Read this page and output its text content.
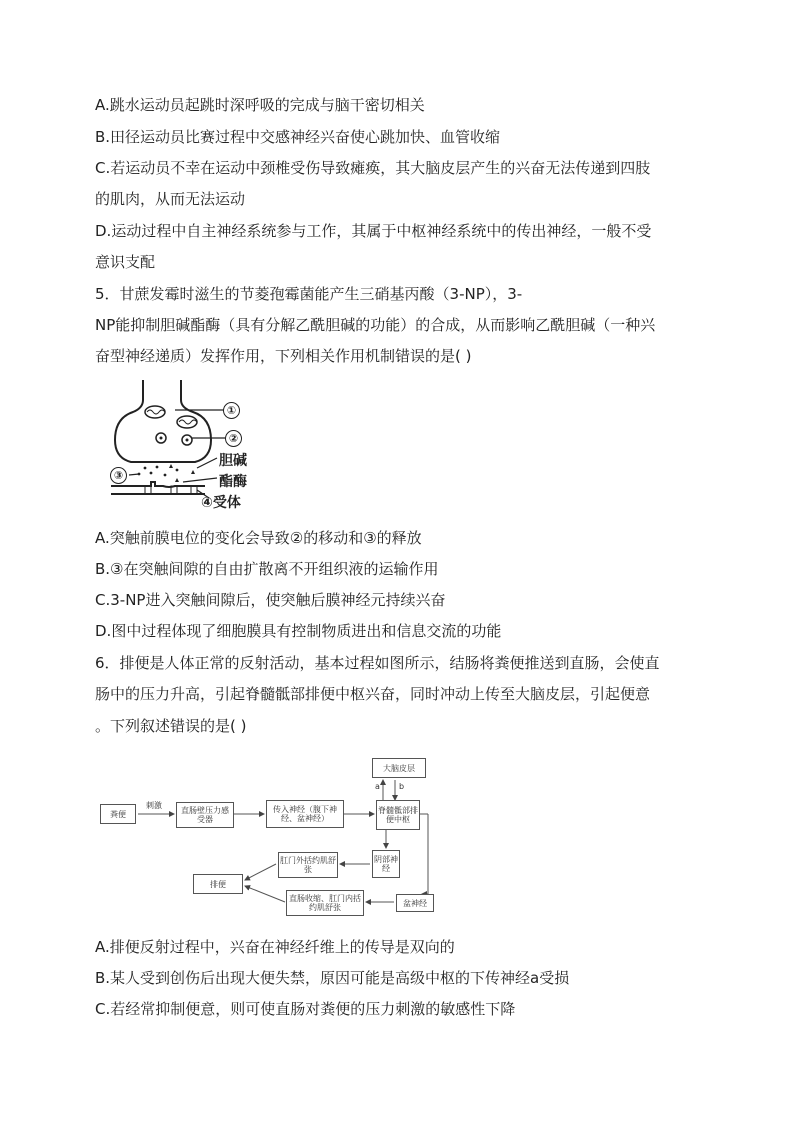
A.跳水运动员起跳时深呼吸的完成与脑干密切相关
B.田径运动员比赛过程中交感神经兴奋使心跳加快、血管收缩
C.若运动员不幸在运动中颈椎受伤导致瘫痪，其大脑皮层产生的兴奋无法传递到四肢
的肌肉，从而无法运动
D.运动过程中自主神经系统参与工作，其属于中枢神经系统中的传出神经，一般不受
意识支配
5．甘蔗发霉时滋生的节菱孢霉菌能产生三硝基丙酸（3-NP），3-
NP能抑制胆碱酯酶（具有分解乙酰胆碱的功能）的合成，从而影响乙酰胆碱（一种兴
奋型神经递质）发挥作用，下列相关作用机制错误的是( )
①
②
胆碱
③	酯酶
④受体
A.突触前膜电位的变化会导致②的移动和③的释放
B.③在突触间隙的自由扩散离不开组织液的运输作用
C.3-NP进入突触间隙后，使突触后膜神经元持续兴奋
D.图中过程体现了细胞膜具有控制物质进出和信息交流的功能
6．排便是人体正常的反射活动，基本过程如图所示，结肠将粪便推送到直肠，会使直
肠中的压力升高，引起脊髓骶部排便中枢兴奋，同时冲动上传至大脑皮层，引起便意
。下列叙述错误的是( )
粪便
刺激
直肠壁压力感受器
传入神经（腹下神经、盆神经）
脊髓骶部排便中枢
大脑皮层
a b
阴部神经
肛门外括约肌舒张
排便
直肠收缩、肛门内括约肌舒张	盆神经
A.排便反射过程中，兴奋在神经纤维上的传导是双向的
B.某人受到创伤后出现大便失禁，原因可能是高级中枢的下传神经a受损
C.若经常抑制便意，则可使直肠对粪便的压力刺激的敏感性下降
